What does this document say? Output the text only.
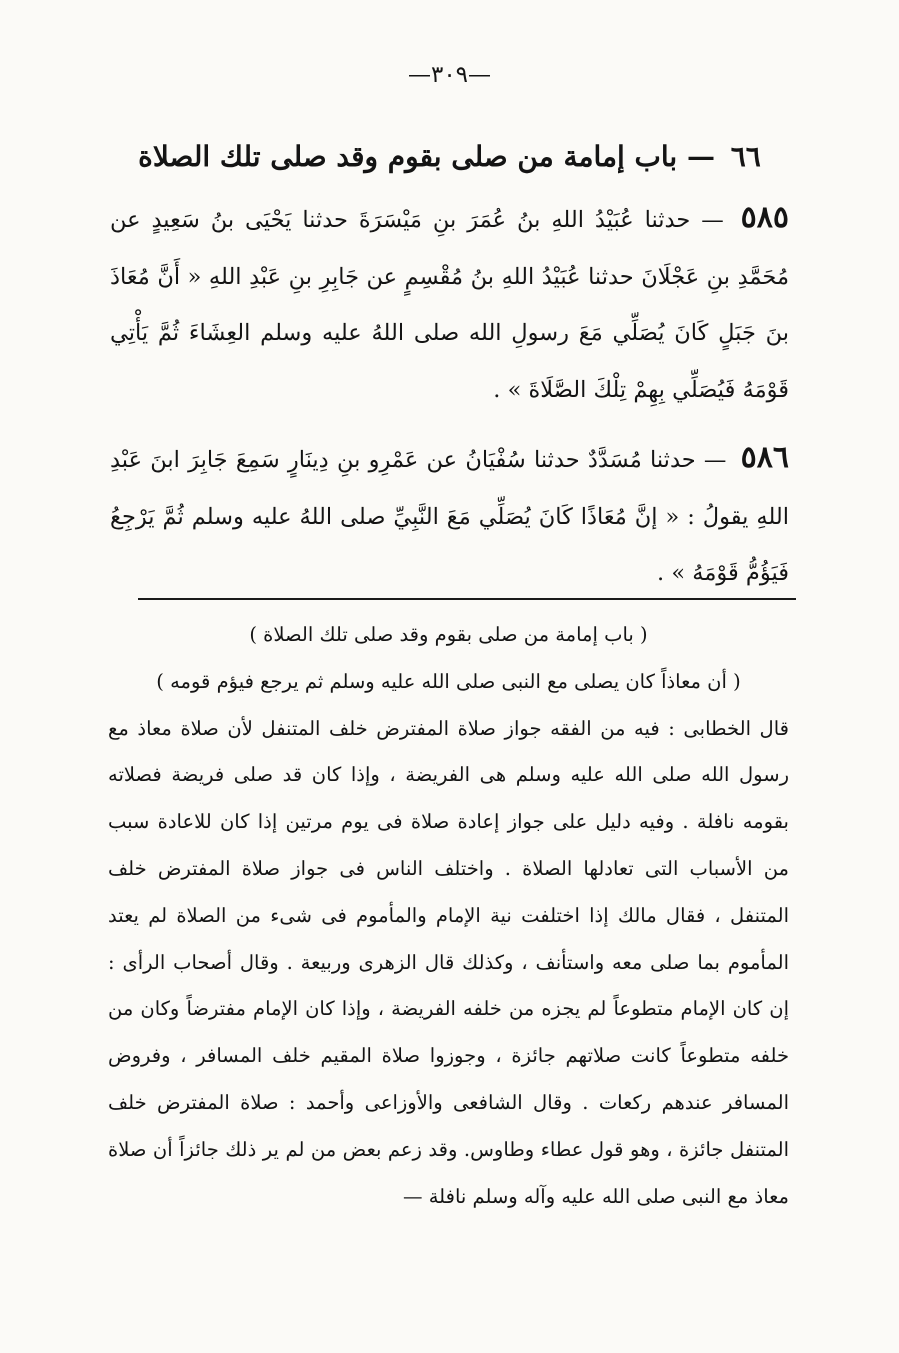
—٣٠٩—
٦٦ — باب إمامة من صلى بقوم وقد صلى تلك الصلاة

٥٨٥ — حدثنا عُبَيْدُ اللهِ بنُ عُمَرَ بنِ مَيْسَرَةَ حدثنا يَحْيَى بنُ سَعِيدٍ عن مُحَمَّدِ بنِ عَجْلَانَ حدثنا عُبَيْدُ اللهِ بنُ مُقْسِمٍ عن جَابِرِ بنِ عَبْدِ اللهِ « أَنَّ مُعَاذَ بنَ جَبَلٍ كَانَ يُصَلِّي مَعَ رسولِ الله صلى اللهُ عليه وسلم العِشَاءَ ثُمَّ يَأْتِي قَوْمَهُ فَيُصَلِّي بِهِمْ تِلْكَ الصَّلَاةَ » .

٥٨٦ — حدثنا مُسَدَّدٌ حدثنا سُفْيَانُ عن عَمْرِو بنِ دِينَارٍ سَمِعَ جَابِرَ ابنَ عَبْدِ اللهِ يقولُ : « إنَّ مُعَاذًا كَانَ يُصَلِّي مَعَ النَّبِيِّ صلى اللهُ عليه وسلم ثُمَّ يَرْجِعُ فَيَؤُمُّ قَوْمَهُ » .

( باب إمامة من صلى بقوم وقد صلى تلك الصلاة )

( أن معاذاً كان يصلى مع النبى صلى الله عليه وسلم ثم يرجع فيؤم قومه )

قال الخطابى : فيه من الفقه جواز صلاة المفترض خلف المتنفل لأن صلاة معاذ مع رسول الله صلى الله عليه وسلم هى الفريضة ، وإذا كان قد صلى فريضة فصلاته بقومه نافلة . وفيه دليل على جواز إعادة صلاة فى يوم مرتين إذا كان للاعادة سبب من الأسباب التى تعادلها الصلاة . واختلف الناس فى جواز صلاة المفترض خلف المتنفل ، فقال مالك إذا اختلفت نية الإمام والمأموم فى شىء من الصلاة لم يعتد المأموم بما صلى معه واستأنف ، وكذلك قال الزهرى وربيعة . وقال أصحاب الرأى : إن كان الإمام متطوعاً لم يجزه من خلفه الفريضة ، وإذا كان الإمام مفترضاً وكان من خلفه متطوعاً كانت صلاتهم جائزة ، وجوزوا صلاة المقيم خلف المسافر ، وفروض المسافر عندهم ركعات . وقال الشافعى والأوزاعى وأحمد : صلاة المفترض خلف المتنفل جائزة ، وهو قول عطاء وطاوس. وقد زعم بعض من لم ير ذلك جائزاً أن صلاة معاذ مع النبى صلى الله عليه وآله وسلم نافلة —
